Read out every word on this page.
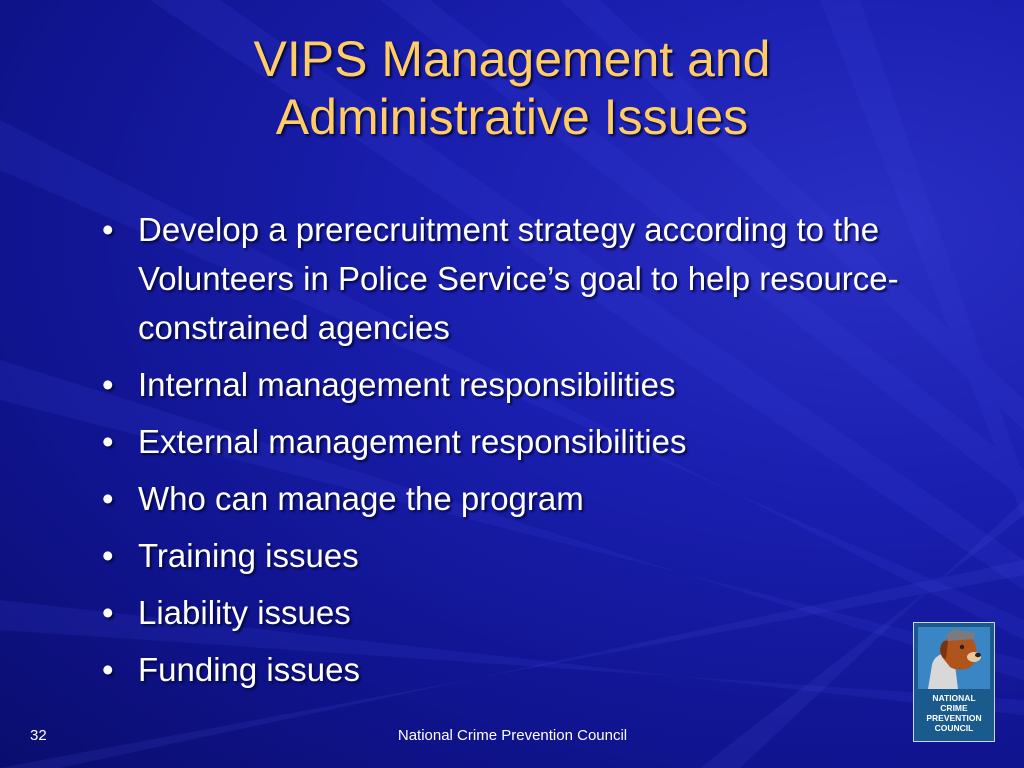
VIPS Management and
Administrative Issues
• Develop a prerecruitment strategy according to the Volunteers in Police Service’s goal to help resource-constrained agencies
• Internal management responsibilities
• External management responsibilities
• Who can manage the program
• Training issues
• Liability issues
• Funding issues
32	National Crime Prevention Council
NATIONAL
CRIME
PREVENTION
COUNCIL
